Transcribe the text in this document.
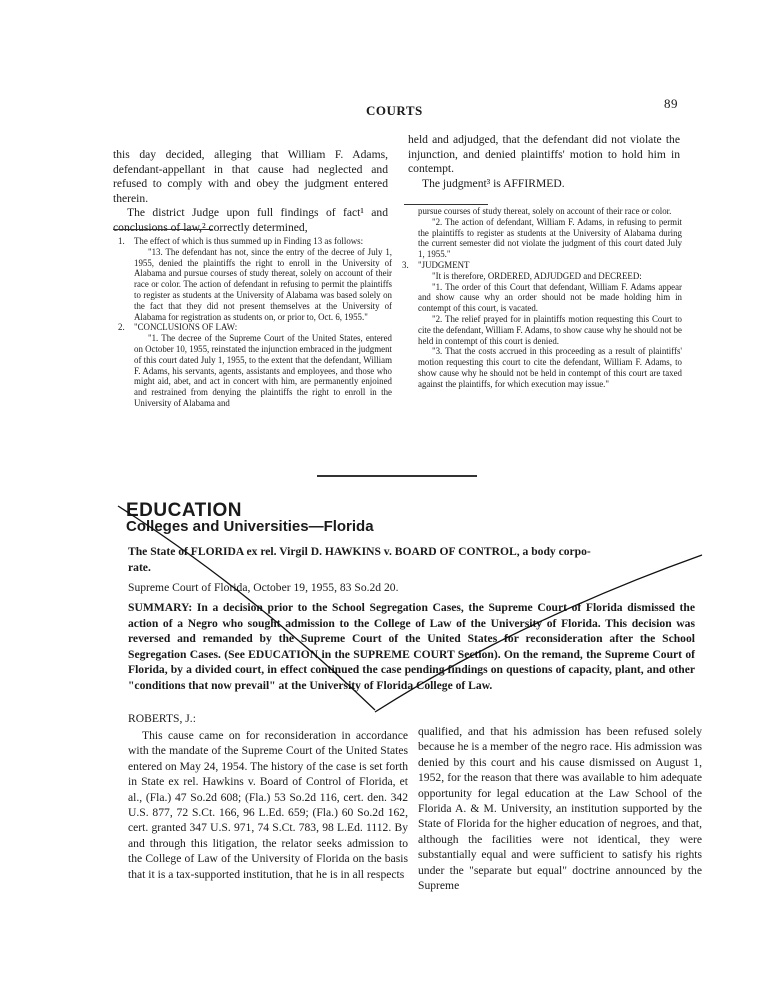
COURTS	89

this day decided, alleging that William F. Adams, defendant-appellant in that cause had neglected and refused to comply with and obey the judgment entered therein.

The district Judge upon full findings of fact¹ and conclusions of law,² correctly determined,

held and adjudged, that the defendant did not violate the injunction, and denied plaintiffs' motion to hold him in contempt.

The judgment³ is AFFIRMED.

1.	The effect of which is thus summed up in Finding 13 as follows:

"13. The defendant has not, since the entry of the decree of July 1, 1955, denied the plaintiffs the right to enroll in the University of Alabama and pursue courses of study thereat, solely on account of their race or color. The action of defendant in refusing to permit the plaintiffs to register as students at the University of Alabama was based solely on the fact that they did not present themselves at the University of Alabama for registration as students on, or prior to, Oct. 6, 1955."

2.	"CONCLUSIONS OF LAW:

"1. The decree of the Supreme Court of the United States, entered on October 10, 1955, reinstated the injunction embraced in the judgment of this court dated July 1, 1955, to the extent that the defendant, William F. Adams, his servants, agents, assistants and employees, and those who might aid, abet, and act in concert with him, are permanently enjoined and restrained from denying the plaintiffs the right to enroll in the University of Alabama and

pursue courses of study thereat, solely on account of their race or color.

"2. The action of defendant, William F. Adams, in refusing to permit the plaintiffs to register as students at the University of Alabama during the current semester did not violate the judgment of this court dated July 1, 1955."

3.	"JUDGMENT

"It is therefore, ORDERED, ADJUDGED and DECREED:

"1. The order of this Court that defendant, William F. Adams appear and show cause why an order should not be made holding him in contempt of this court, is vacated.

"2. The relief prayed for in plaintiffs motion requesting this Court to cite the defendant, William F. Adams, to show cause why he should not be held in contempt of this court is denied.

"3. That the costs accrued in this proceeding as a result of plaintiffs' motion requesting this court to cite the defendant, William F. Adams, to show cause why he should not be held in contempt of this court are taxed against the plaintiffs, for which execution may issue."

EDUCATION
Colleges and Universities—Florida
The State of FLORIDA ex rel. Virgil D. HAWKINS v. BOARD OF CONTROL, a body corpo-
rate.
Supreme Court of Florida, October 19, 1955, 83 So.2d 20.
SUMMARY: In a decision prior to the School Segregation Cases, the Supreme Court of Florida dismissed the action of a Negro who sought admission to the College of Law of the University of Florida. This decision was reversed and remanded by the Supreme Court of the United States for reconsideration after the School Segregation Cases. (See EDUCATION in the SUPREME COURT Section). On the remand, the Supreme Court of Florida, by a divided court, in effect continued the case pending findings on questions of capacity, plant, and other "conditions that now prevail" at the University of Florida College of Law.
ROBERTS, J.:

This cause came on for reconsideration in accordance with the mandate of the Supreme Court of the United States entered on May 24, 1954. The history of the case is set forth in State ex rel. Hawkins v. Board of Control of Florida, et al., (Fla.) 47 So.2d 608; (Fla.) 53 So.2d 116, cert. den. 342 U.S. 877, 72 S.Ct. 166, 96 L.Ed. 659; (Fla.) 60 So.2d 162, cert. granted 347 U.S. 971, 74 S.Ct. 783, 98 L.Ed. 1112. By and through this litigation, the relator seeks admission to the College of Law of the University of Florida on the basis that it is a tax-supported institution, that he is in all respects

qualified, and that his admission has been refused solely because he is a member of the negro race. His admission was denied by this court and his cause dismissed on August 1, 1952, for the reason that there was available to him adequate opportunity for legal education at the Law School of the Florida A. & M. University, an institution supported by the State of Florida for the higher education of negroes, and that, although the facilities were not identical, they were substantially equal and were sufficient to satisfy his rights under the "separate but equal" doctrine announced by the Supreme
